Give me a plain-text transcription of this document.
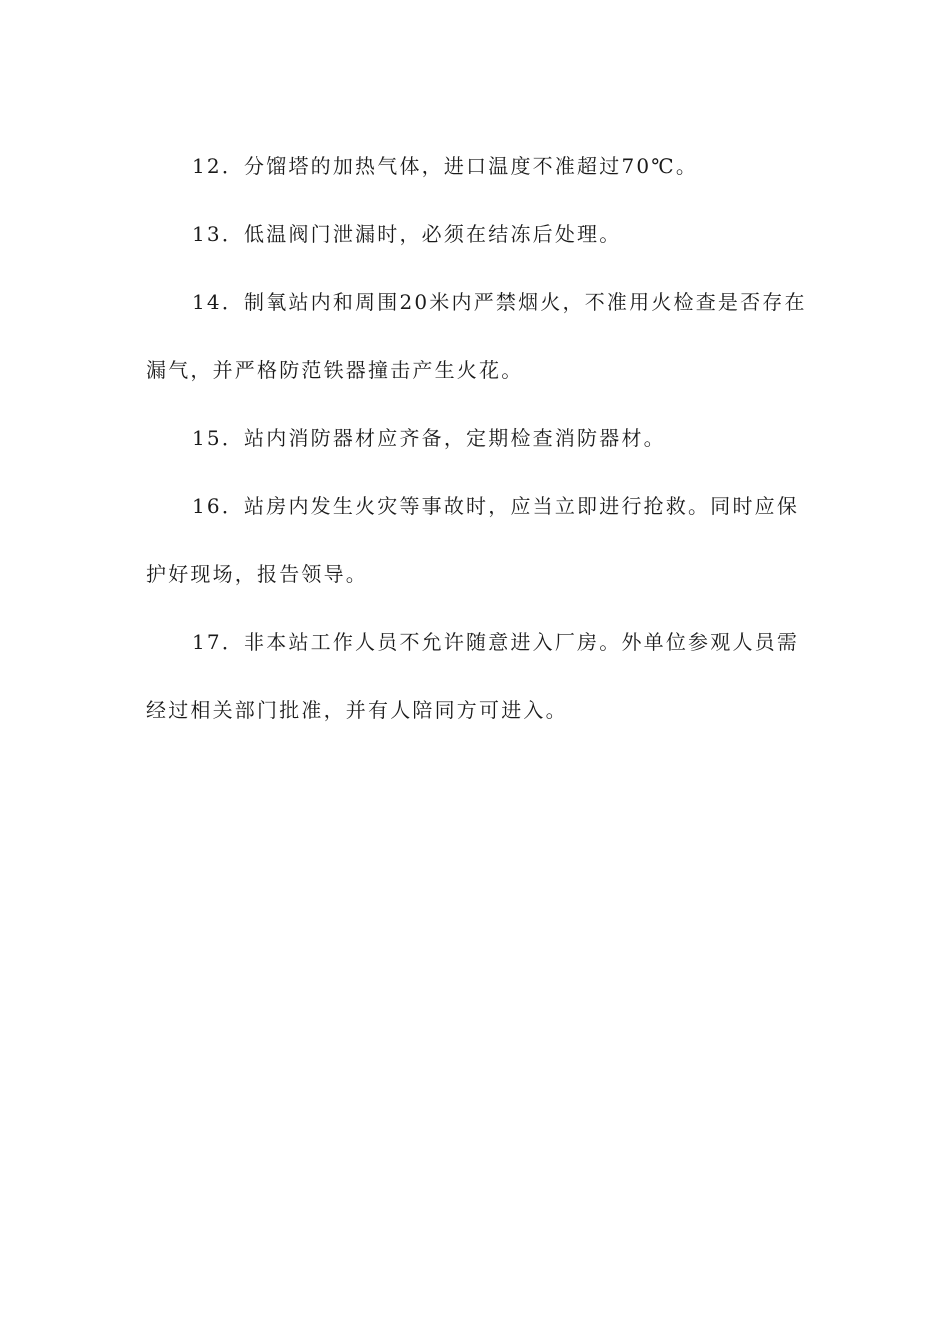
12．分馏塔的加热气体，进口温度不准超过70℃。

13．低温阀门泄漏时，必须在结冻后处理。

14．制氧站内和周围20米内严禁烟火，不准用火检查是否存在漏气，并严格防范铁器撞击产生火花。

15．站内消防器材应齐备，定期检查消防器材。

16．站房内发生火灾等事故时，应当立即进行抢救。同时应保护好现场，报告领导。

17．非本站工作人员不允许随意进入厂房。外单位参观人员需经过相关部门批准，并有人陪同方可进入。
